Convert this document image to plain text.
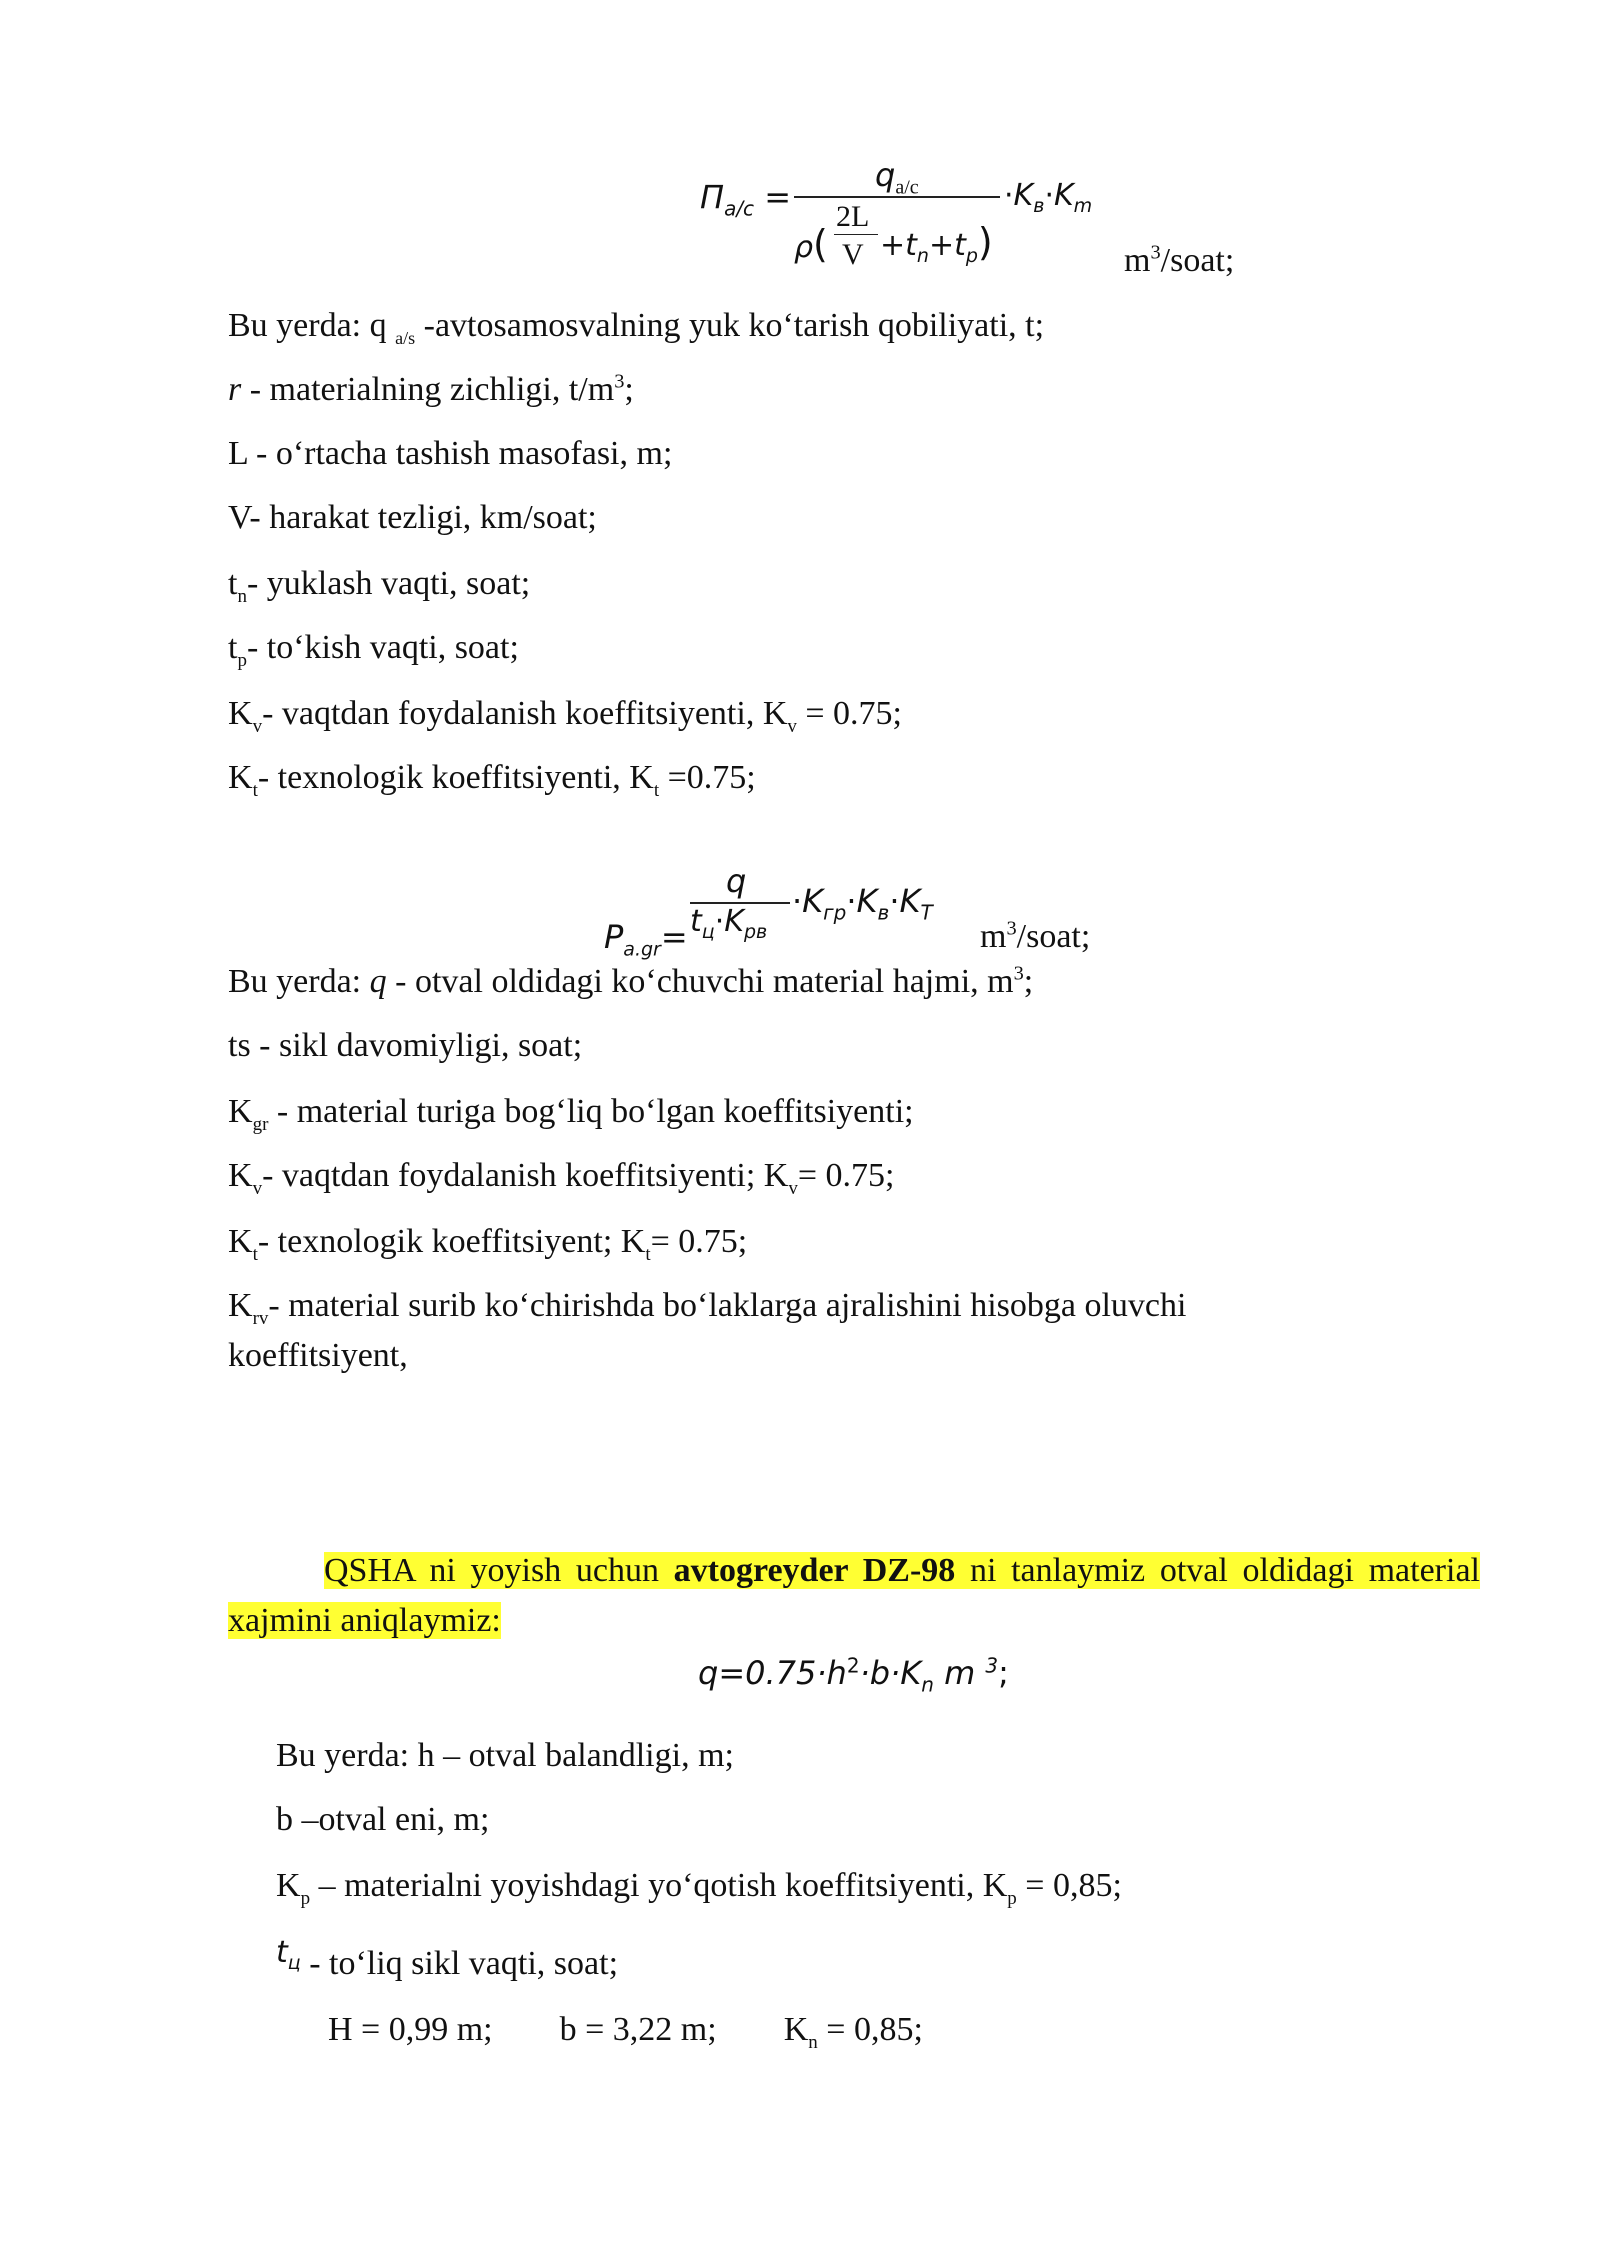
$\Pi_{a/c}$ =
$q_{a/c}$	$\cdot K_в\cdot K_m$
ρ(
2L
$V +t_n+t_p$)	$m^3$/soat;
Bu yerda: q $_{a/s}$ -avtosamosvalning yuk ko‘tarish qobiliyati, t;
r - materialning zichligi, $t/m^3$;
L - o‘rtacha tashish masofasi, m;
V- harakat tezligi, km/soat;
$t_n-$ yuklash vaqti, soat;
$t_p-$ to‘kish vaqti, soat;
$K_v-$ vaqtdan foydalanish koeffitsiyenti, $K_v = 0.75$;
$K_t-$ texnologik koeffitsiyenti, $K_t =0.75$;
q
$\cdot K_{гр}\cdot K_в\cdot K_T$
$t_ц\cdot K_{рв}$
$P_{a.gr}=$	$m^3$/soat;
Bu yerda: q - otval oldidagi ko‘chuvchi material hajmi, $m^3$;
ts - sikl davomiyligi, soat;
$K_{gr}$ - material turiga bog‘liq bo‘lgan koeffitsiyenti;
$K_v-$ vaqtdan foydalanish koeffitsiyenti; $K_v= 0.75$;
$K_t-$ texnologik koeffitsiyent; $K_t= 0.75$;
$K_{rv}-$ material surib ko‘chirishda bo‘laklarga ajralishini hisobga oluvchi
koeffitsiyent,
QSHA ni yoyish uchun avtogreyder DZ-98 ni tanlaymiz otval oldidagi material xajmini aniqlaymiz:
$q=0.75\cdot h^2\cdot b\cdot K_n$ m $^3$;
Bu yerda: h – otval balandligi, m;
b –otval eni, m;
$K_p$ – materialni yoyishdagi yo‘qotish koeffitsiyenti, $K_p = 0,85$;
$t_ц$ - to‘liq sikl vaqti, soat;
H = 0,99 m; b = 3,22 m; $K_n = 0,85$;
